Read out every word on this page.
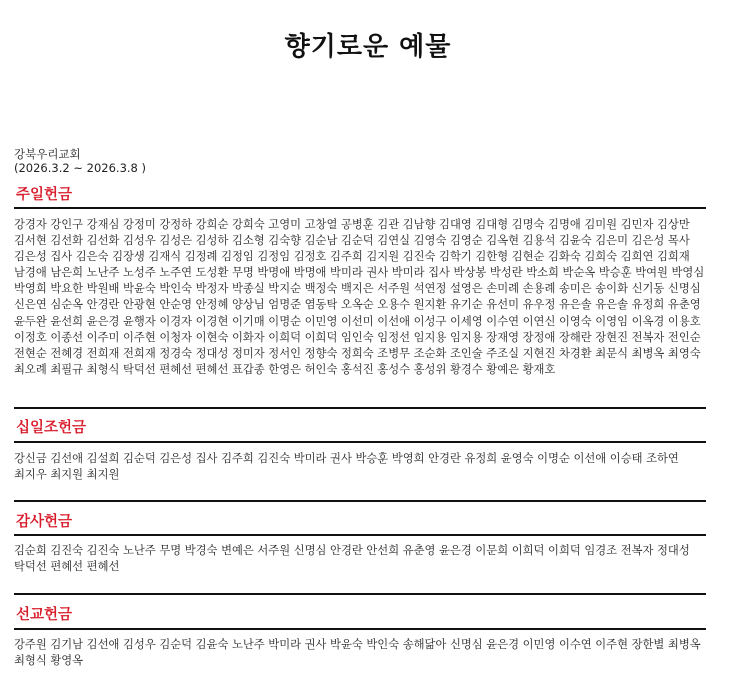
향기로운 예물
강북우리교회
(2026.3.2 ~ 2026.3.8 )
주일헌금
강경자 강인구 강재심 강정미 강정하 강희순 강희숙 고영미 고창열 공병훈 김관 김남향 김대영 김대형 김명숙 김명애 김미원 김민자 김상만 김서현 김선화 김선화 김성우 김성은 김성하 김소형 김숙향 김순남 김순덕 김연실 김영숙 김영순 김옥현 김용석 김윤숙 김은미 김은성 목사 김은성 집사 김은숙 김장생 김재식 김정례 김정임 김정임 김정호 김주희 김지원 김진숙 김학기 김한형 김현순 김화숙 김희숙 김희연 김희재 남경애 남은희 노난주 노성주 노주연 도성환 무명 박명애 박명애 박미라 권사 박미라 집사 박상봉 박성란 박소희 박순옥 박승훈 박여원 박영심 박영희 박요한 박원배 박윤숙 박인숙 박정자 박종실 박지순 백정숙 백지은 서주원 석연정 설영은 손미례 손용례 송미은 송이화 신기동 신명심 신은연 심순옥 안경란 안광현 안순영 안정혜 양상님 엄명준 염동탁 오옥순 오용수 원지환 유기순 유선미 유우정 유은솔 유은솔 유정희 유춘영 윤두완 윤선희 윤은경 윤행자 이경자 이경현 이기매 이명순 이민영 이선미 이선애 이성구 이세영 이수연 이연신 이영숙 이영임 이옥경 이용호 이정호 이종선 이주미 이주현 이청자 이현숙 이화자 이희덕 이희덕 임인숙 임정선 임지용 임지용 장재영 장정애 장해란 장현진 전복자 전인순 전현순 전혜경 전희재 전희재 정경숙 정대성 정미자 정서인 정향숙 정희숙 조병무 조순화 조인술 주조실 지현진 차경환 최문식 최병옥 최영숙 최오례 최필규 최형식 탁덕선 편혜선 편혜선 표갑종 한영은 허인숙 홍석진 홍성수 홍성위 황경수 황예은 황재호
십일조헌금
강신금 김선애 김설희 김순덕 김은성 집사 김주희 김진숙 박미라 권사 박승훈 박영희 안경란 유정희 윤영숙 이명순 이선애 이승태 조하연 최지우 최지원 최지원
감사헌금
김순희 김진숙 김진숙 노난주 무명 박경숙 변예은 서주원 신명심 안경란 안선희 유춘영 윤은경 이문희 이희덕 이희덕 임경조 전복자 정대성 탁덕선 편혜선 편혜선
선교헌금
강주원 김기남 김선애 김성우 김순덕 김윤숙 노난주 박미라 권사 박윤숙 박인숙 송해닮아 신명심 윤은경 이민영 이수연 이주현 장한별 최병옥 최형식 황영옥
